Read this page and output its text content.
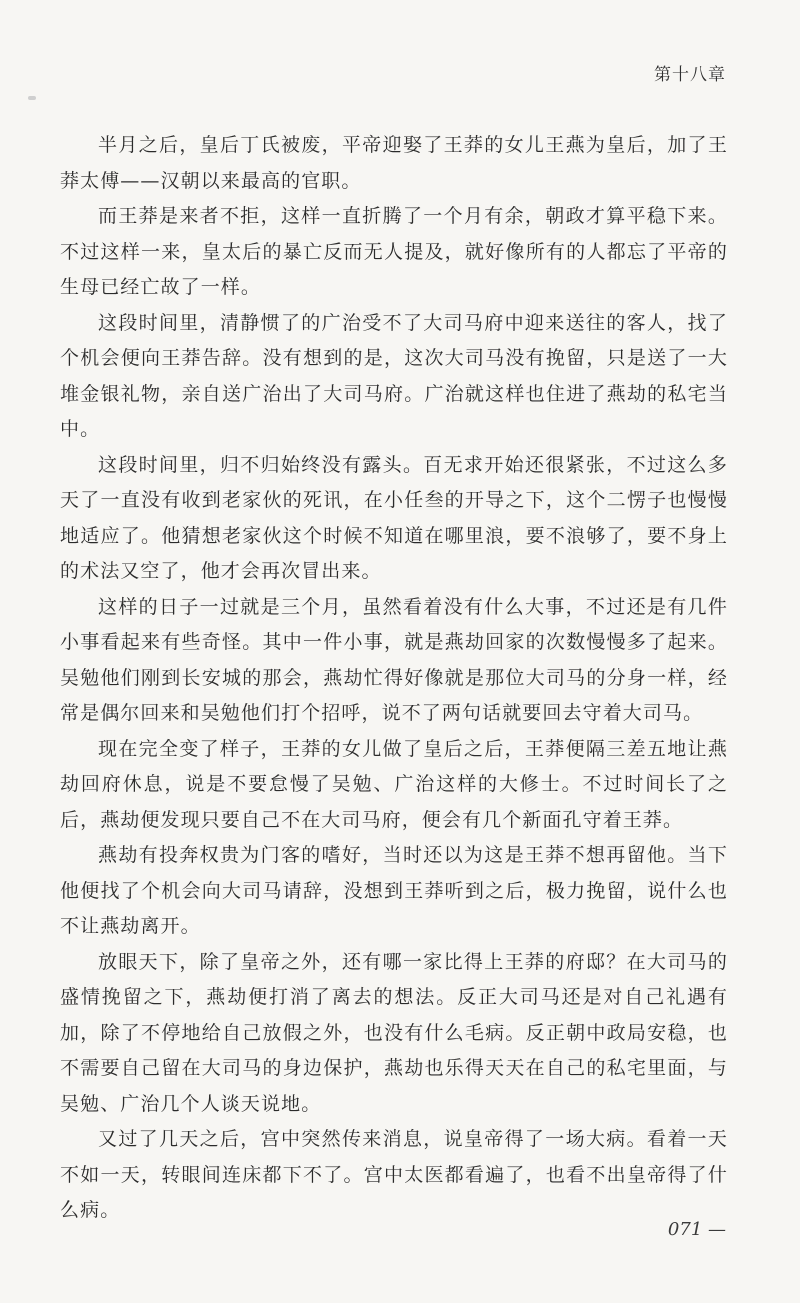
第十八章

半月之后，皇后丁氏被废，平帝迎娶了王莽的女儿王燕为皇后，加了王莽太傅——汉朝以来最高的官职。

而王莽是来者不拒，这样一直折腾了一个月有余，朝政才算平稳下来。不过这样一来，皇太后的暴亡反而无人提及，就好像所有的人都忘了平帝的生母已经亡故了一样。

这段时间里，清静惯了的广治受不了大司马府中迎来送往的客人，找了个机会便向王莽告辞。没有想到的是，这次大司马没有挽留，只是送了一大堆金银礼物，亲自送广治出了大司马府。广治就这样也住进了燕劫的私宅当中。

这段时间里，归不归始终没有露头。百无求开始还很紧张，不过这么多天了一直没有收到老家伙的死讯，在小任叁的开导之下，这个二愣子也慢慢地适应了。他猜想老家伙这个时候不知道在哪里浪，要不浪够了，要不身上的术法又空了，他才会再次冒出来。

这样的日子一过就是三个月，虽然看着没有什么大事，不过还是有几件小事看起来有些奇怪。其中一件小事，就是燕劫回家的次数慢慢多了起来。吴勉他们刚到长安城的那会，燕劫忙得好像就是那位大司马的分身一样，经常是偶尔回来和吴勉他们打个招呼，说不了两句话就要回去守着大司马。

现在完全变了样子，王莽的女儿做了皇后之后，王莽便隔三差五地让燕劫回府休息，说是不要怠慢了吴勉、广治这样的大修士。不过时间长了之后，燕劫便发现只要自己不在大司马府，便会有几个新面孔守着王莽。

燕劫有投奔权贵为门客的嗜好，当时还以为这是王莽不想再留他。当下他便找了个机会向大司马请辞，没想到王莽听到之后，极力挽留，说什么也不让燕劫离开。

放眼天下，除了皇帝之外，还有哪一家比得上王莽的府邸？在大司马的盛情挽留之下，燕劫便打消了离去的想法。反正大司马还是对自己礼遇有加，除了不停地给自己放假之外，也没有什么毛病。反正朝中政局安稳，也不需要自己留在大司马的身边保护，燕劫也乐得天天在自己的私宅里面，与吴勉、广治几个人谈天说地。

又过了几天之后，宫中突然传来消息，说皇帝得了一场大病。看着一天不如一天，转眼间连床都下不了。宫中太医都看遍了，也看不出皇帝得了什么病。

071 —
